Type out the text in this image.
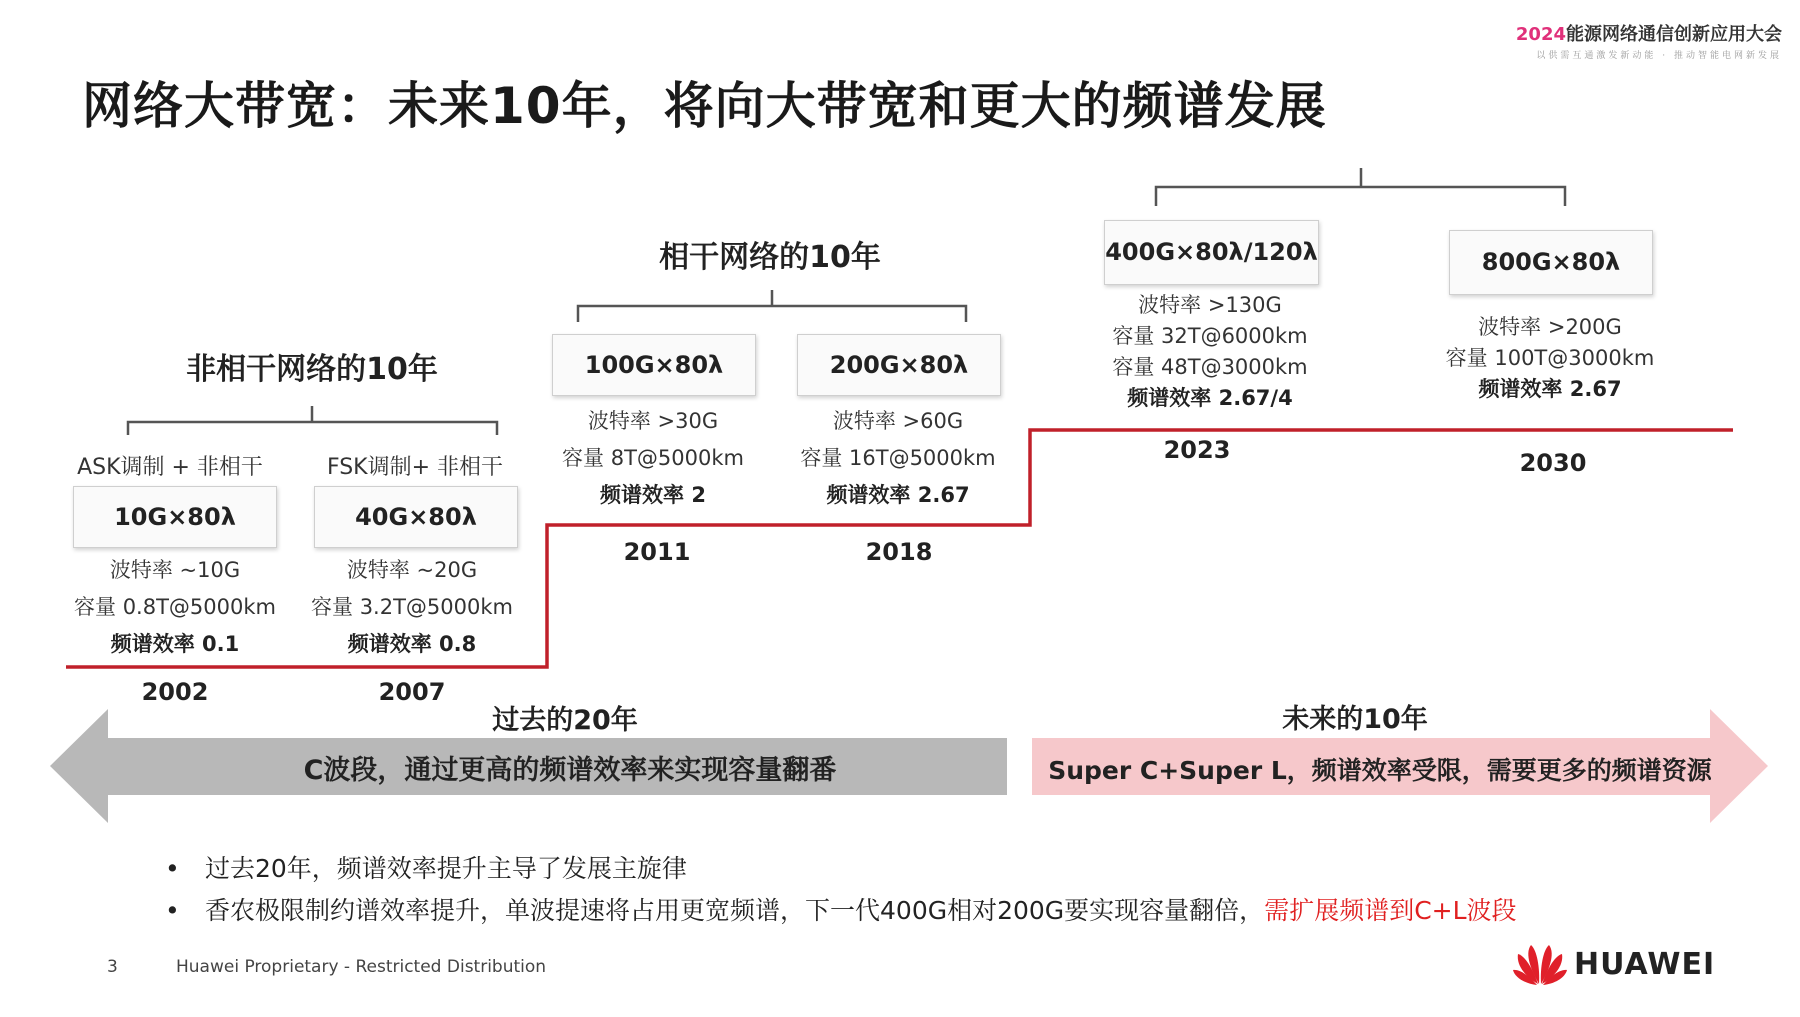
网络大带宽：未来10年，将向大带宽和更大的频谱发展
2024能源网络通信创新应用大会
以供需互通激发新动能 · 推动智能电网新发展
非相干网络的10年
相干网络的10年
ASK调制 + 非相干
10G×80λ
波特率 ~10G
容量 0.8T@5000km
频谱效率 0.1
2002
FSK调制+ 非相干
40G×80λ
波特率 ~20G
容量 3.2T@5000km
频谱效率 0.8
2007
100G×80λ
波特率 >30G
容量 8T@5000km
频谱效率 2
2011
200G×80λ
波特率 >60G
容量 16T@5000km
频谱效率 2.67
2018
400G×80λ/120λ
波特率 >130G
容量 32T@6000km
容量 48T@3000km
频谱效率 2.67/4
2023
800G×80λ
波特率 >200G
容量 100T@3000km
频谱效率 2.67
2030
过去的20年
C波段，通过更高的频谱效率来实现容量翻番
未来的10年
Super C+Super L，频谱效率受限，需要更多的频谱资源
• 过去20年，频谱效率提升主导了发展主旋律
• 香农极限制约谱效率提升，单波提速将占用更宽频谱，下一代400G相对200G要实现容量翻倍，需扩展频谱到C+L波段
3	Huawei Proprietary - Restricted Distribution	HUAWEI
